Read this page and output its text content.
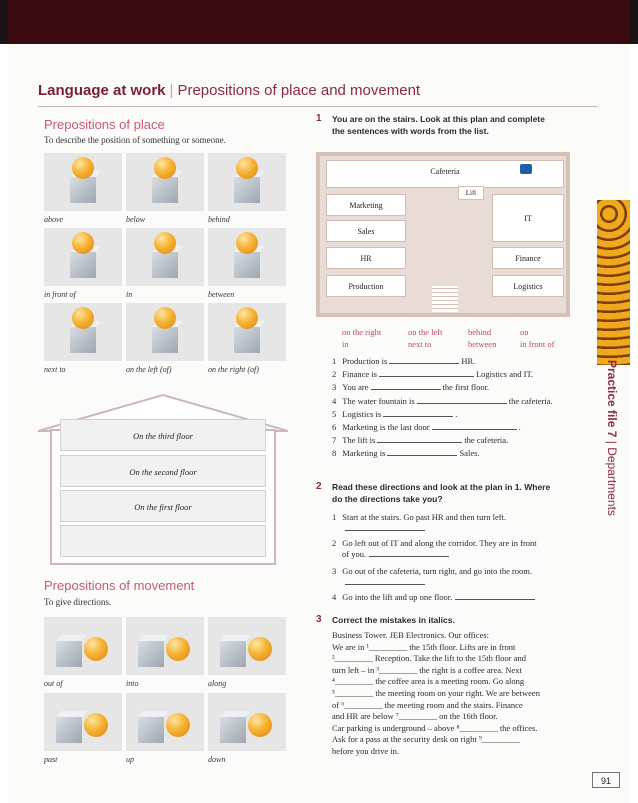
Language at work | Prepositions of place and movement
Prepositions of place
To describe the position of something or someone.
above	below	behind
in front of	in	between
next to	on the left (of)	on the right (of)
On the third floor
On the second floor
On the first floor
Prepositions of movement
To give directions.
out of	into	along
past	up	down
1 You are on the stairs. Look at this plan and complete
the sentences with words from the list.
Cafeteria
Lift
Marketing
Sales
HR
Production
IT
Finance
Logistics
on the right	on the left	behind	on
in	next to	between	in front of
1 Production is	HR.
2 Finance is	Logistics and IT.
3 You are	the first floor.
4 The water fountain is	the cafeteria.
5 Logistics is	.
6 Marketing is the last door	.
7 The lift is	the cafeteria.
8 Marketing is	Sales.
2 Read these directions and look at the plan in 1. Where
do the directions take you?
1 Start at the stairs. Go past HR and then turn left.

2 Go left out of IT and along the corridor. They are in front
of you.
3 Go out of the cafeteria, turn right, and go into the room.

4 Go into the lift and up one floor.
3 Correct the mistakes in italics.
Business Tower. JEB Electronics. Our offices:
We are in ¹_________ the 15th floor. Lifts are in front
²_________ Reception. Take the lift to the 15th floor and
turn left – in ³_________ the right is a coffee area. Next
⁴_________ the coffee area is a meeting room. Go along
⁵_________ the meeting room on your right. We are between
of ⁶_________ the meeting room and the stairs. Finance
and HR are below ⁷_________ on the 16th floor.
Car parking is underground – above ⁸_________ the offices.
Ask for a pass at the security desk on right ⁹_________
before you drive in.
Practice file 7 | Departments
91
